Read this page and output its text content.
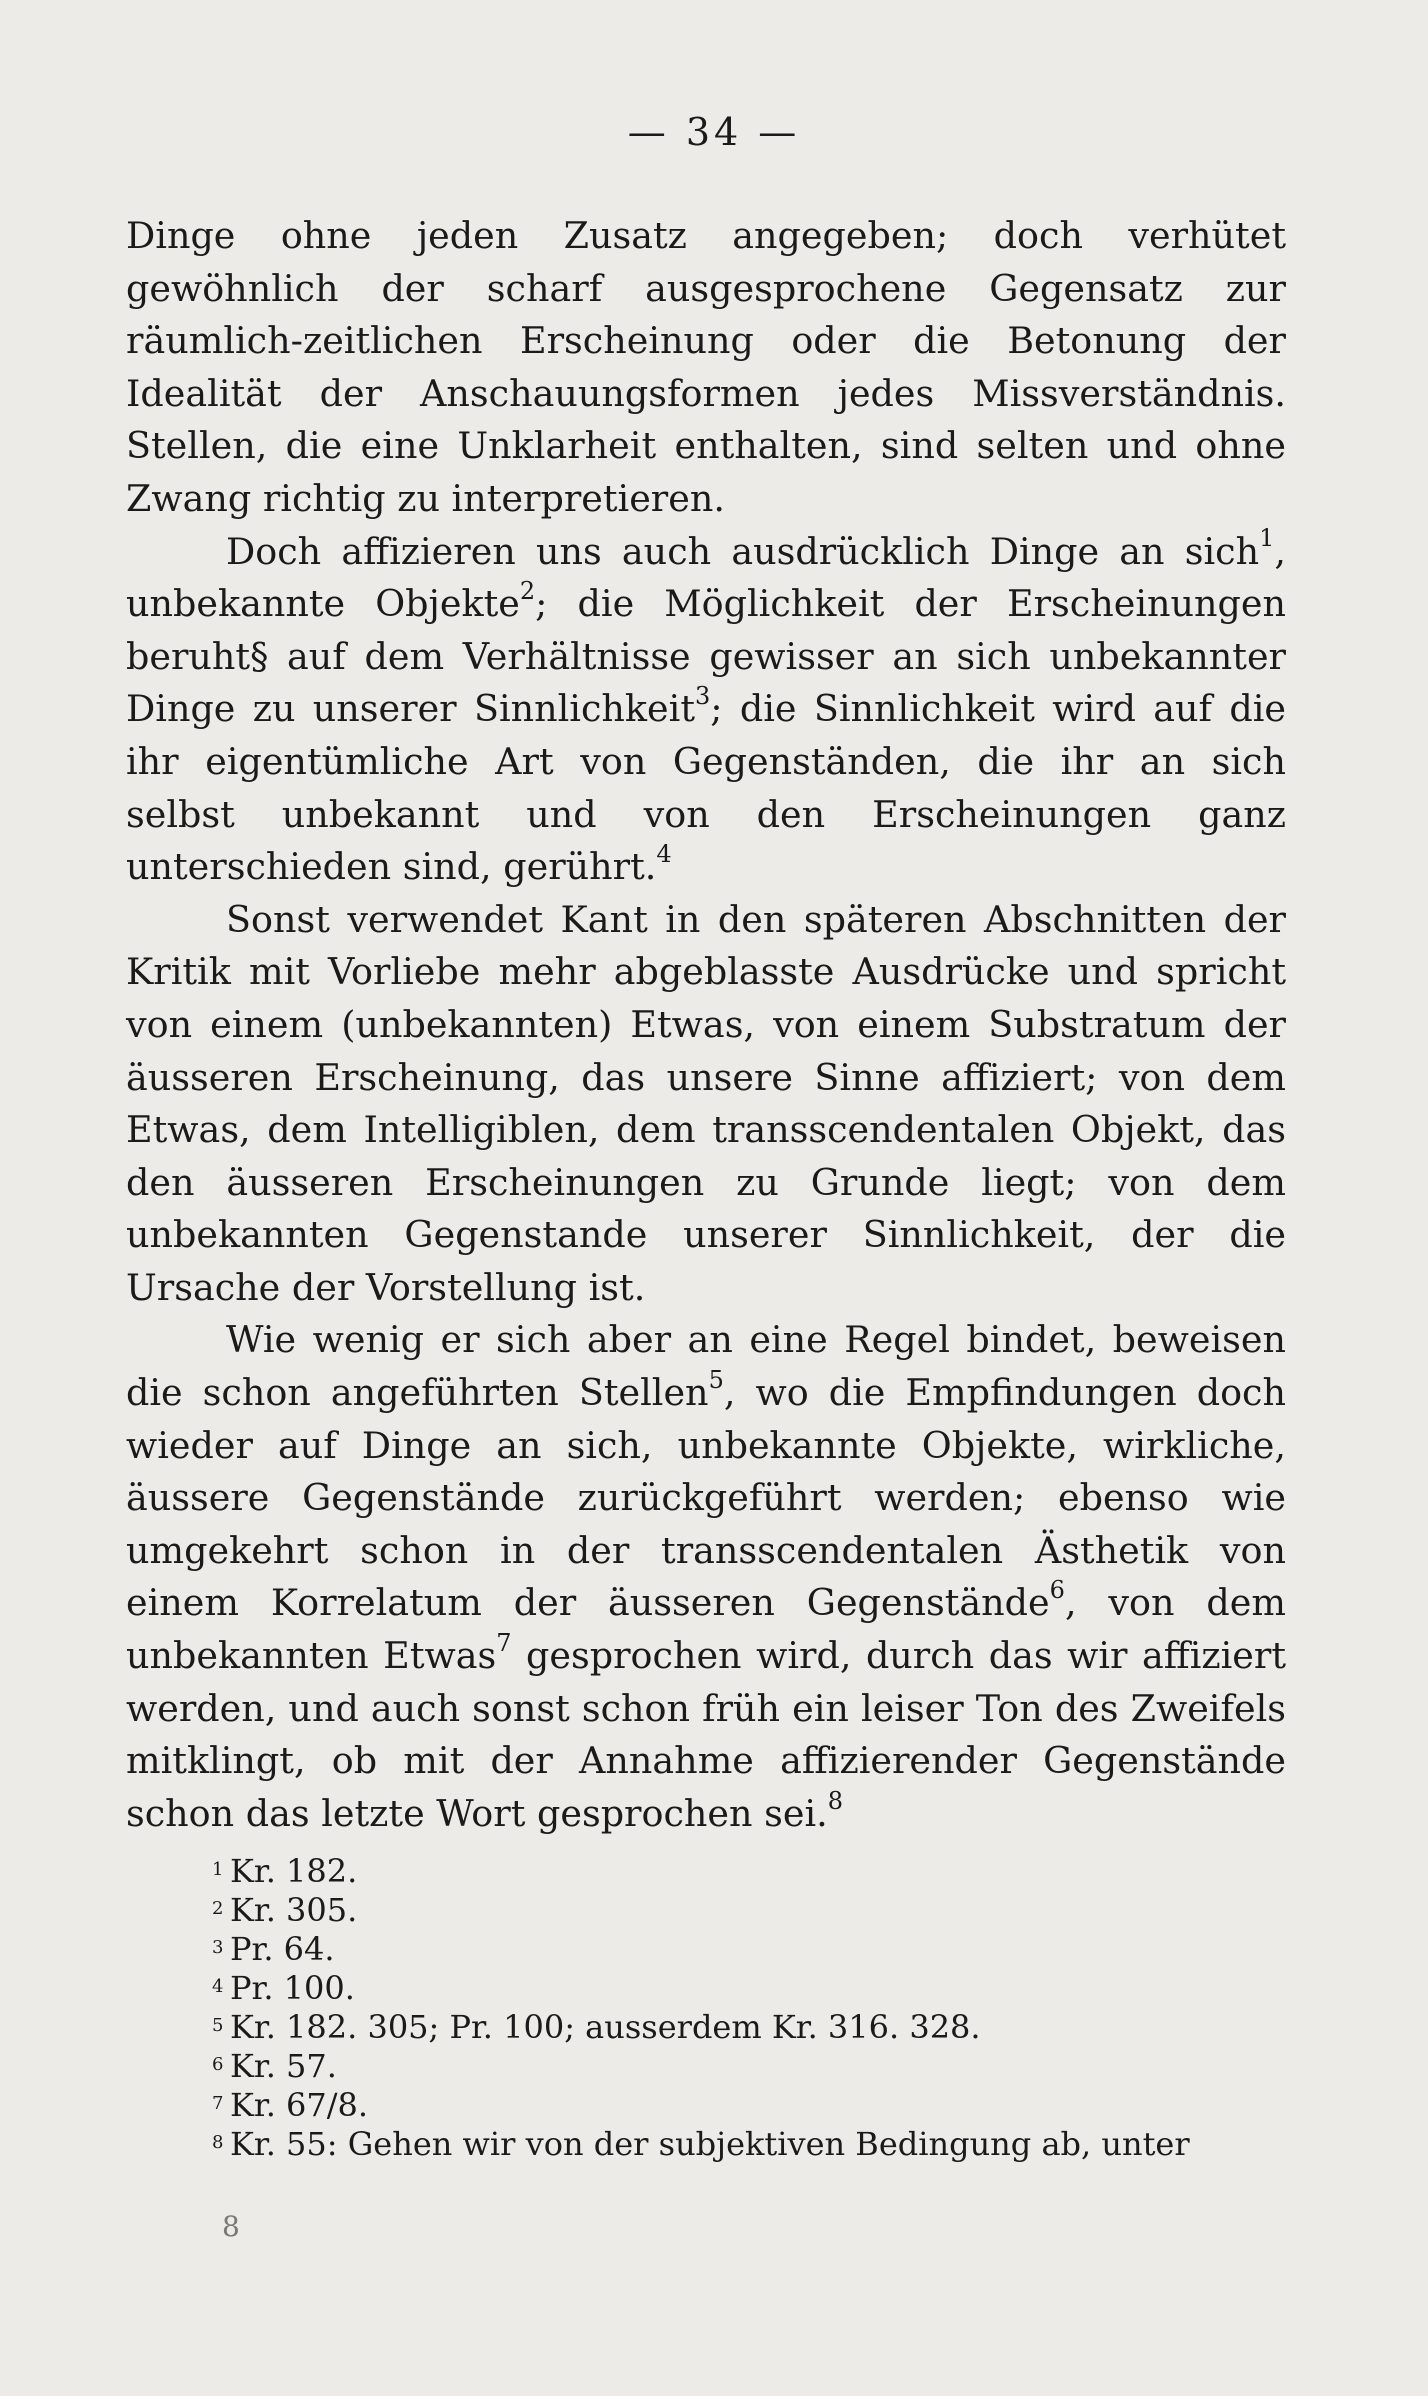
— 34 —

Dinge ohne jeden Zusatz angegeben; doch verhütet gewöhnlich der scharf ausgesprochene Gegensatz zur räumlich-zeitlichen Erscheinung oder die Betonung der Idealität der Anschauungsformen jedes Missverständnis. Stellen, die eine Unklarheit enthalten, sind selten und ohne Zwang richtig zu interpretieren.

Doch affizieren uns auch ausdrücklich Dinge an sich$^1$, unbekannte Objekte$^2$; die Möglichkeit der Erscheinungen beruht§ auf dem Verhältnisse gewisser an sich unbekannter Dinge zu unserer Sinnlichkeit$^3$; die Sinnlichkeit wird auf die ihr eigentümliche Art von Gegenständen, die ihr an sich selbst unbekannt und von den Erscheinungen ganz unterschieden sind, gerührt.$^4$

Sonst verwendet Kant in den späteren Abschnitten der Kritik mit Vorliebe mehr abgeblasste Ausdrücke und spricht von einem (unbekannten) Etwas, von einem Substratum der äusseren Erscheinung, das unsere Sinne affiziert; von dem Etwas, dem Intelligiblen, dem transscendentalen Objekt, das den äusseren Erscheinungen zu Grunde liegt; von dem unbekannten Gegenstande unserer Sinnlichkeit, der die Ursache der Vorstellung ist.

Wie wenig er sich aber an eine Regel bindet, beweisen die schon angeführten Stellen$^5$, wo die Empfindungen doch wieder auf Dinge an sich, unbekannte Objekte, wirkliche, äussere Gegenstände zurückgeführt werden; ebenso wie umgekehrt schon in der transscendentalen Ästhetik von einem Korrelatum der äusseren Gegenstände$^6$, von dem unbekannten Etwas$^7$ gesprochen wird, durch das wir affiziert werden, und auch sonst schon früh ein leiser Ton des Zweifels mitklingt, ob mit der Annahme affizierender Gegenstände schon das letzte Wort gesprochen sei.$^8$

1 Kr. 182.
2 Kr. 305.
3 Pr. 64.
4 Pr. 100.
5 Kr. 182. 305; Pr. 100; ausserdem Kr. 316. 328.
6 Kr. 57.
7 Kr. 67/8.
8 Kr. 55: Gehen wir von der subjektiven Bedingung ab, unter
8
